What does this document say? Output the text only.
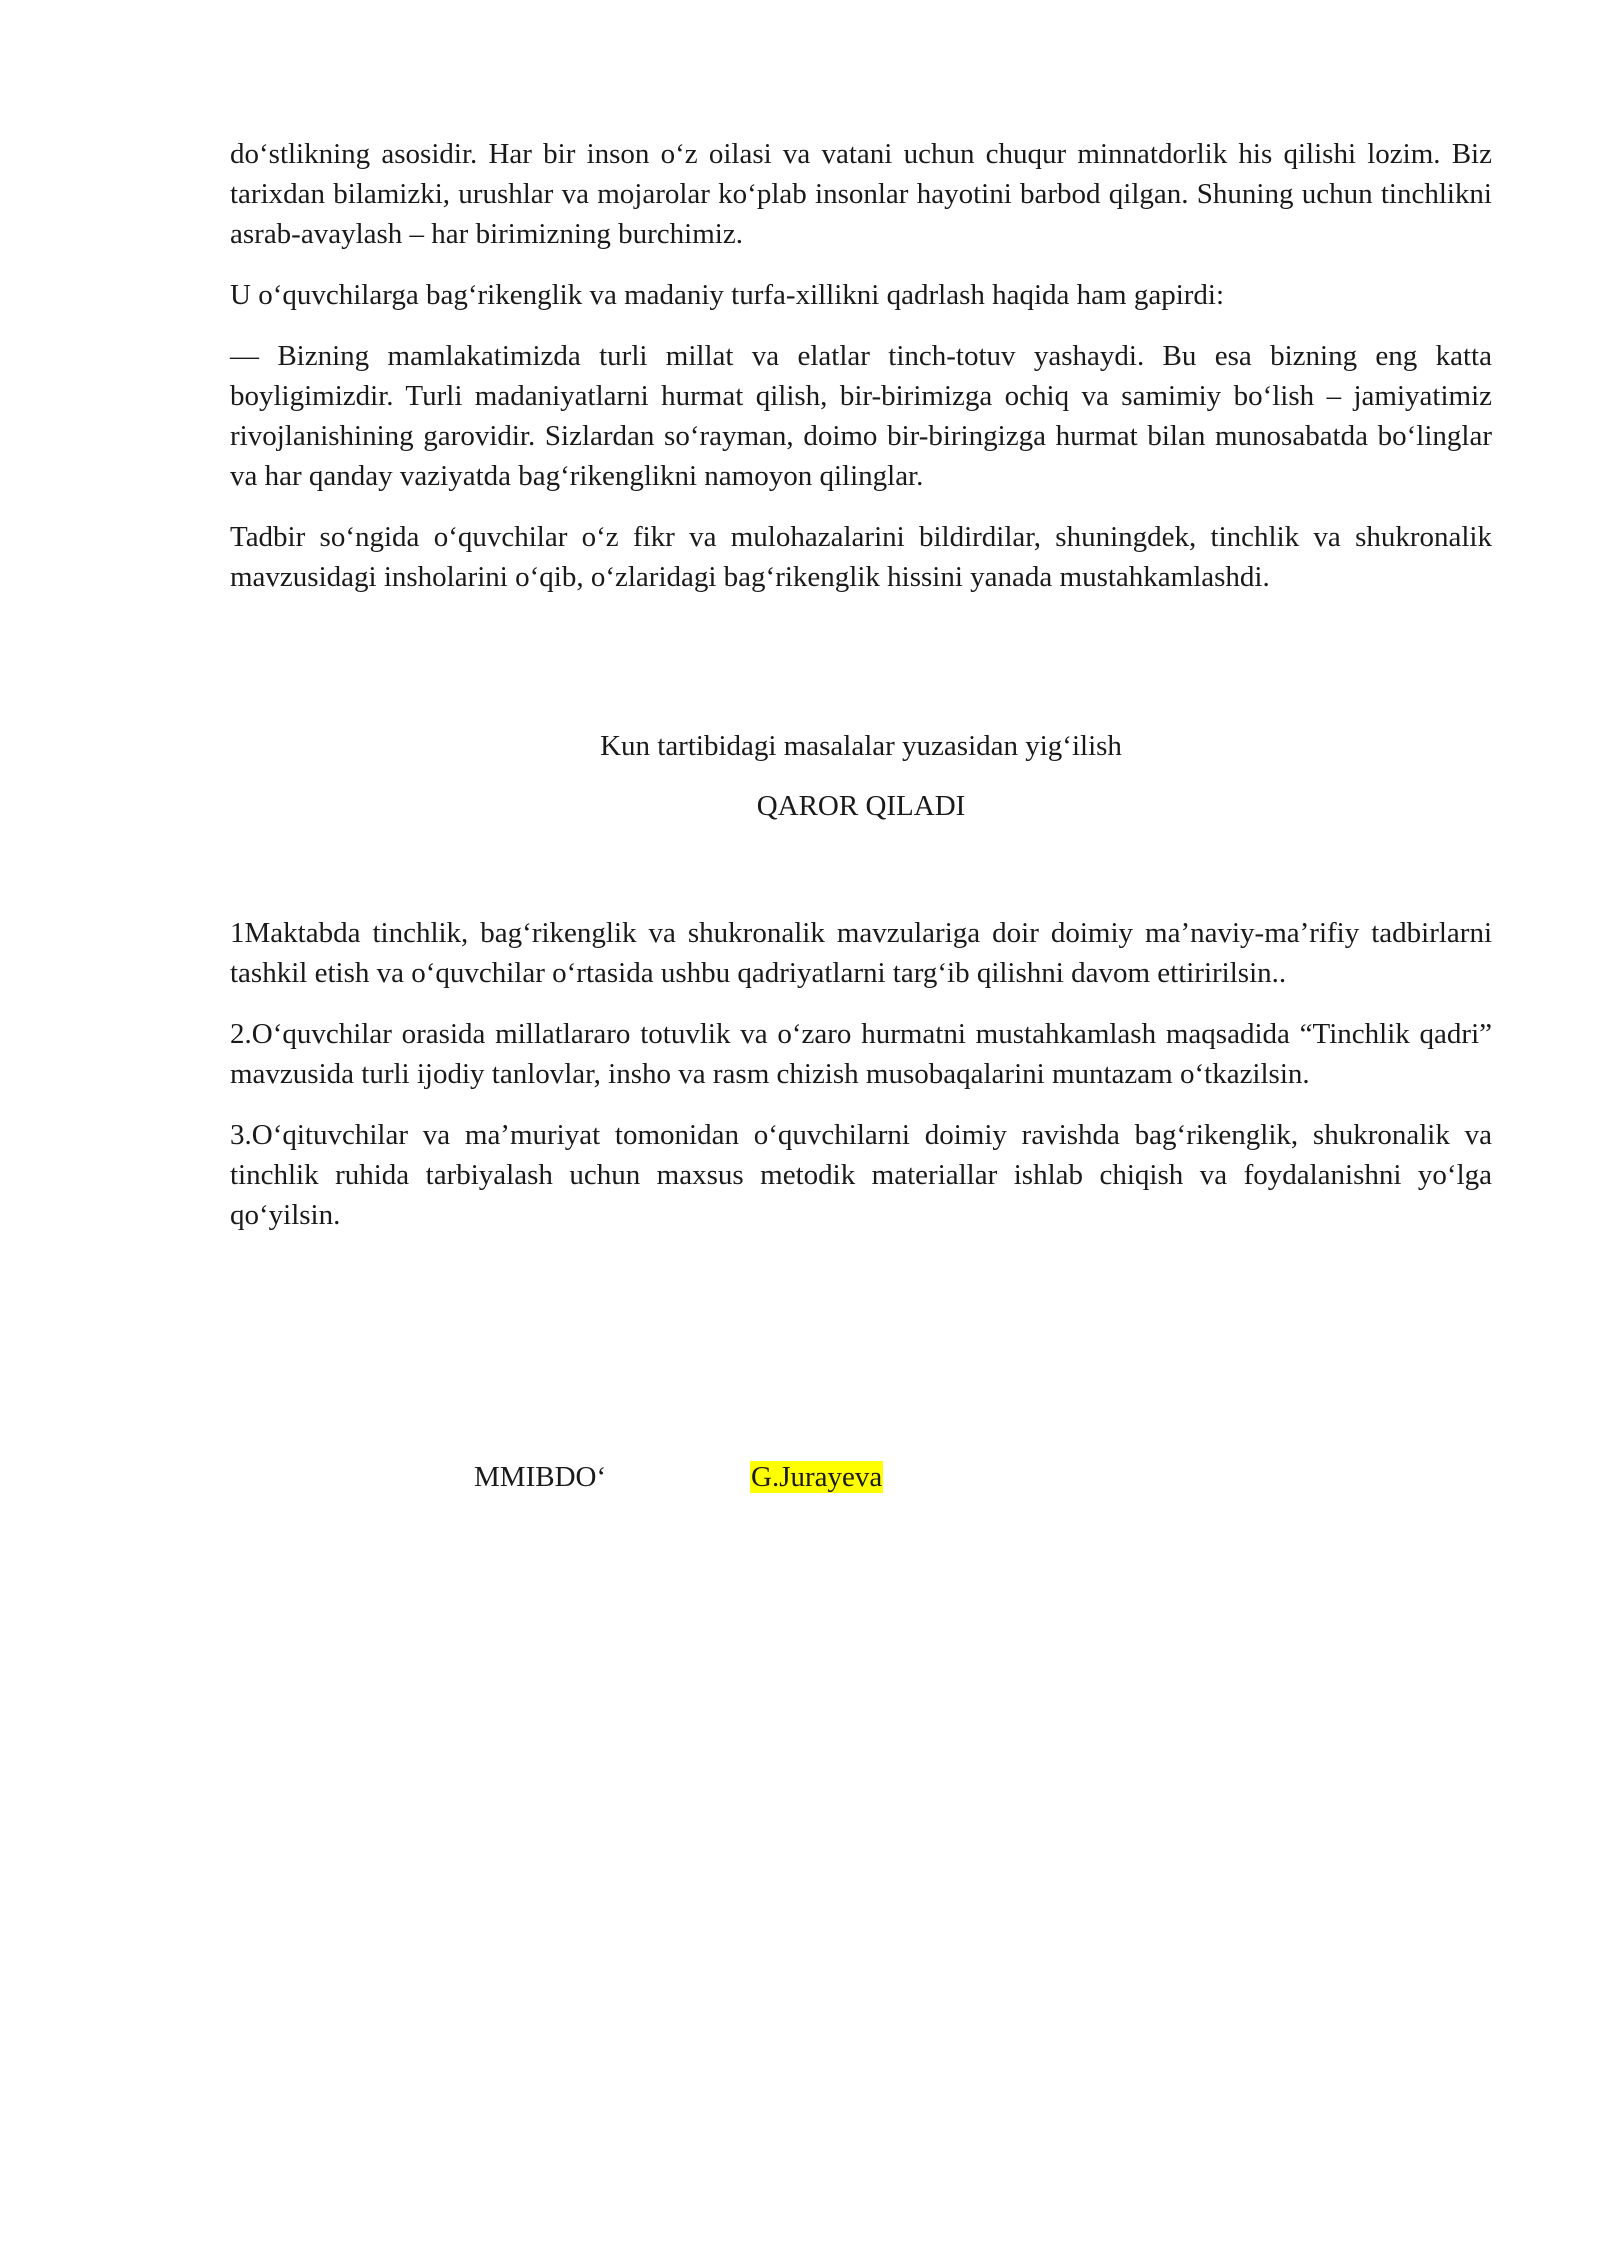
do‘stlikning asosidir. Har bir inson o‘z oilasi va vatani uchun chuqur minnatdorlik his qilishi lozim. Biz tarixdan bilamizki, urushlar va mojarolar ko‘plab insonlar hayotini barbod qilgan. Shuning uchun tinchlikni asrab-avaylash – har birimizning burchimiz.

U o‘quvchilarga bag‘rikenglik va madaniy turfa-xillikni qadrlash haqida ham gapirdi:

— Bizning mamlakatimizda turli millat va elatlar tinch-totuv yashaydi. Bu esa bizning eng katta boyligimizdir. Turli madaniyatlarni hurmat qilish, bir-birimizga ochiq va samimiy bo‘lish – jamiyatimiz rivojlanishining garovidir. Sizlardan so‘rayman, doimo bir-biringizga hurmat bilan munosabatda bo‘linglar va har qanday vaziyatda bag‘rikenglikni namoyon qilinglar.

Tadbir so‘ngida o‘quvchilar o‘z fikr va mulohazalarini bildirdilar, shuningdek, tinchlik va shukronalik mavzusidagi insholarini o‘qib, o‘zlaridagi bag‘rikenglik hissini yanada mustahkamlashdi.

Kun tartibidagi masalalar yuzasidan yig‘ilish
QAROR QILADI

1Maktabda tinchlik, bag‘rikenglik va shukronalik mavzulariga doir doimiy ma’naviy-ma’rifiy tadbirlarni tashkil etish va o‘quvchilar o‘rtasida ushbu qadriyatlarni targ‘ib qilishni davom ettiririlsin..

2.O‘quvchilar orasida millatlararo totuvlik va o‘zaro hurmatni mustahkamlash maqsadida “Tinchlik qadri” mavzusida turli ijodiy tanlovlar, insho va rasm chizish musobaqalarini muntazam o‘tkazilsin.

3.O‘qituvchilar va ma’muriyat tomonidan o‘quvchilarni doimiy ravishda bag‘rikenglik, shukronalik va tinchlik ruhida tarbiyalash uchun maxsus metodik materiallar ishlab chiqish va foydalanishni yo‘lga qo‘yilsin.

MMIBDO‘	G.Jurayeva
